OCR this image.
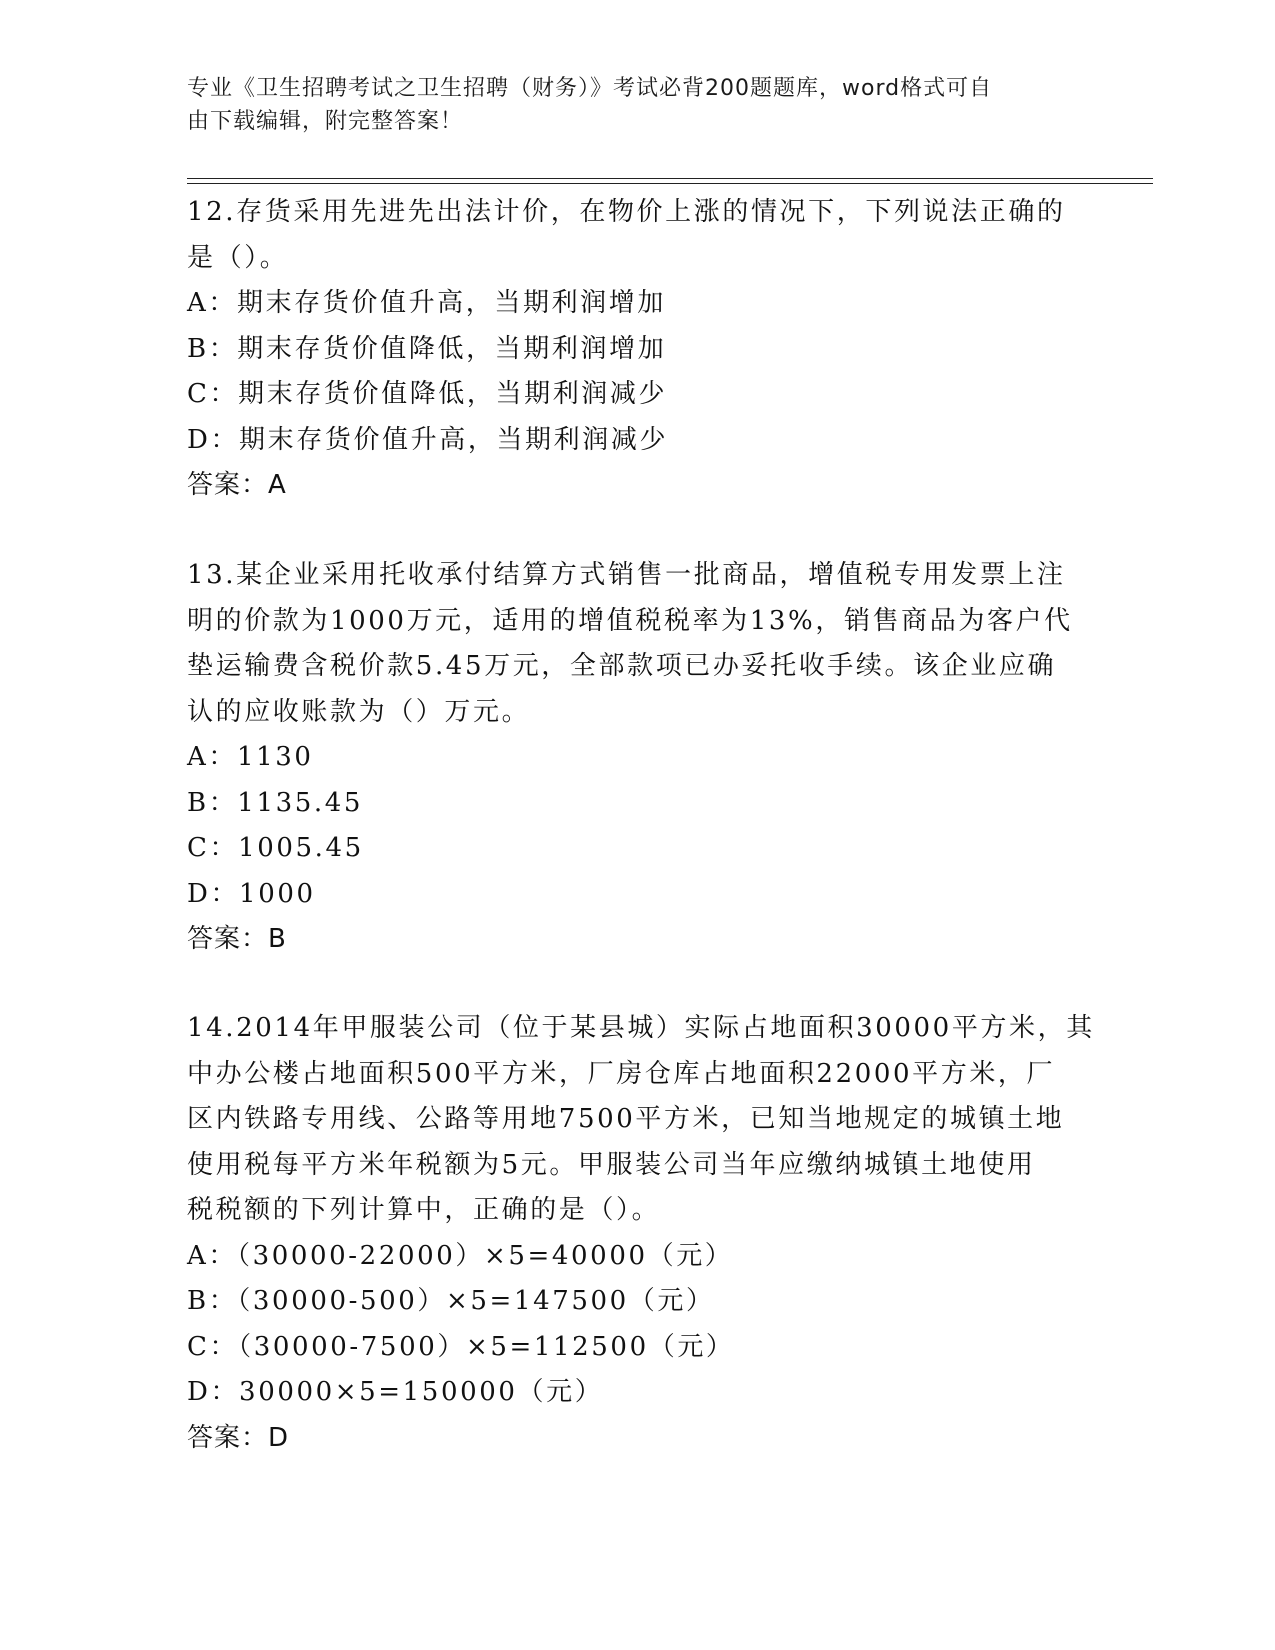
专业《卫生招聘考试之卫生招聘（财务）》考试必背200题题库，word格式可自
由下载编辑，附完整答案！
12.存货采用先进先出法计价，在物价上涨的情况下，下列说法正确的
是（）。
A：期末存货价值升高，当期利润增加
B：期末存货价值降低，当期利润增加
C：期末存货价值降低，当期利润减少
D：期末存货价值升高，当期利润减少
答案：A
13.某企业采用托收承付结算方式销售一批商品，增值税专用发票上注
明的价款为1000万元，适用的增值税税率为13%，销售商品为客户代
垫运输费含税价款5.45万元，全部款项已办妥托收手续。该企业应确
认的应收账款为（）万元。
A：1130
B：1135.45
C：1005.45
D：1000
答案：B
14.2014年甲服装公司（位于某县城）实际占地面积30000平方米，其
中办公楼占地面积500平方米，厂房仓库占地面积22000平方米，厂
区内铁路专用线、公路等用地7500平方米，已知当地规定的城镇土地
使用税每平方米年税额为5元。甲服装公司当年应缴纳城镇土地使用
税税额的下列计算中，正确的是（）。
A：（30000-22000）×5=40000（元）
B：（30000-500）×5=147500（元）
C：（30000-7500）×5=112500（元）
D：30000×5=150000（元）
答案：D
